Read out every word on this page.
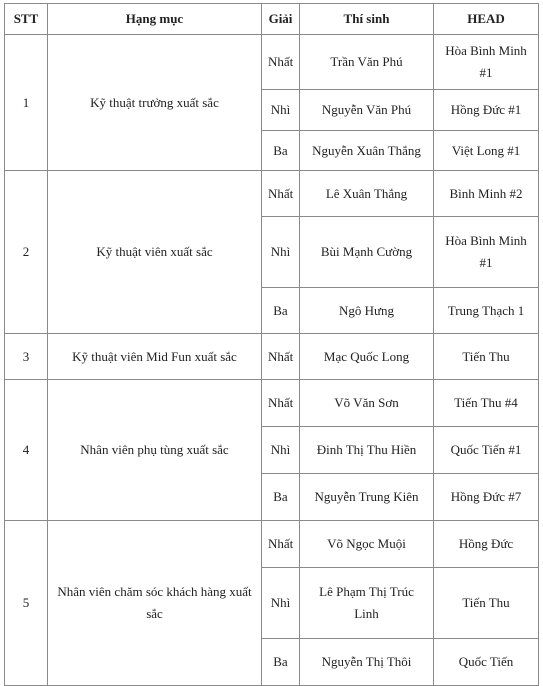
STT	Hạng mục	Giải	Thí sinh	HEAD
1	Kỹ thuật trưởng xuất sắc	Nhất	Trần Văn Phú	Hòa Bình Minh #1
		Nhì	Nguyễn Văn Phú	Hồng Đức #1
		Ba	Nguyễn Xuân Thắng	Việt Long #1
2	Kỹ thuật viên xuất sắc	Nhất	Lê Xuân Thắng	Bình Minh #2
		Nhì	Bùi Mạnh Cường	Hòa Bình Minh #1
		Ba	Ngô Hưng	Trung Thạch 1
3	Kỹ thuật viên Mid Fun xuất sắc	Nhất	Mạc Quốc Long	Tiến Thu
4	Nhân viên phụ tùng xuất sắc	Nhất	Võ Văn Sơn	Tiến Thu #4
		Nhì	Đinh Thị Thu Hiền	Quốc Tiến #1
		Ba	Nguyễn Trung Kiên	Hồng Đức #7
5	Nhân viên chăm sóc khách hàng xuất sắc	Nhất	Võ Ngọc Muội	Hồng Đức
		Nhì	Lê Phạm Thị Trúc Linh	Tiến Thu
		Ba	Nguyễn Thị Thôi	Quốc Tiến
